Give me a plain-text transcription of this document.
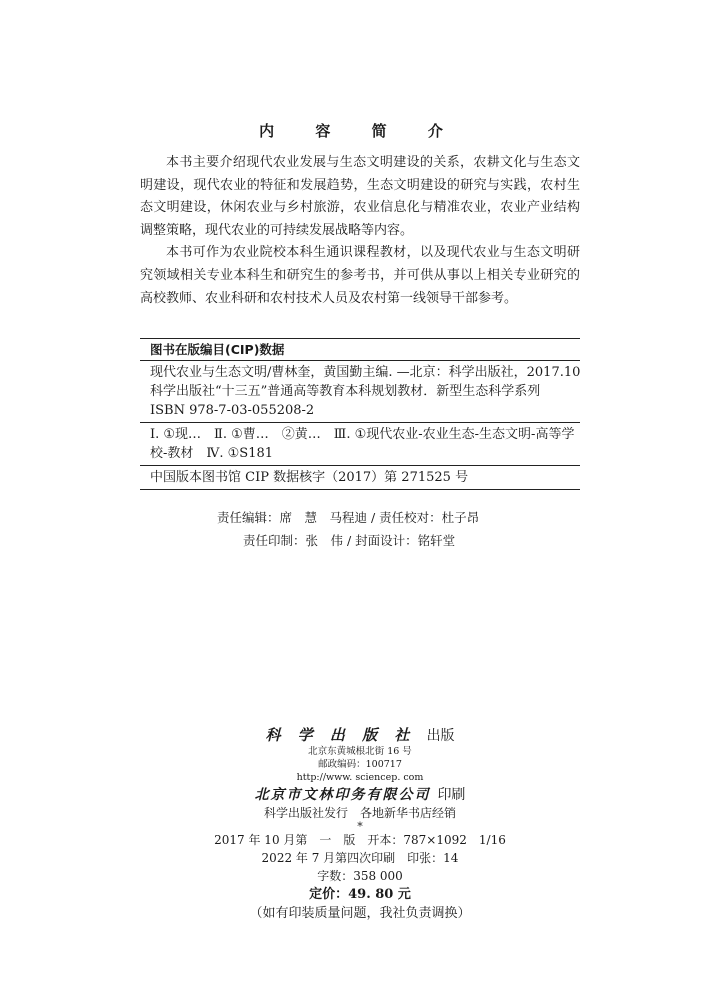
内 容 简 介

本书主要介绍现代农业发展与生态文明建设的关系，农耕文化与生态文明建设，现代农业的特征和发展趋势，生态文明建设的研究与实践，农村生态文明建设，休闲农业与乡村旅游，农业信息化与精准农业，农业产业结构调整策略，现代农业的可持续发展战略等内容。

本书可作为农业院校本科生通识课程教材，以及现代农业与生态文明研究领域相关专业本科生和研究生的参考书，并可供从事以上相关专业研究的高校教师、农业科研和农村技术人员及农村第一线领导干部参考。

图书在版编目(CIP)数据
现代农业与生态文明/曹林奎，黄国勤主编. —北京：科学出版社，2017.10
科学出版社“十三五”普通高等教育本科规划教材．新型生态科学系列
ISBN 978-7-03-055208-2
Ⅰ. ①现…　Ⅱ. ①曹…　②黄…　Ⅲ. ①现代农业-农业生态-生态文明-高等学校-教材　Ⅳ. ①S181
中国版本图书馆 CIP 数据核字（2017）第 271525 号
责任编辑：席　慧　马程迪 / 责任校对：杜子昂
责任印制：张　伟 / 封面设计：铭轩堂
科 学 出 版 社 出版
北京东黄城根北街 16 号
邮政编码：100717
http://www. sciencep. com
北京市文林印务有限公司 印刷
科学出版社发行　各地新华书店经销
*
2017 年 10 月第　一　版　开本：787×1092　1/16
2022 年 7 月第四次印刷　印张：14
字数：358 000
定价：49. 80 元
（如有印装质量问题，我社负责调换）
